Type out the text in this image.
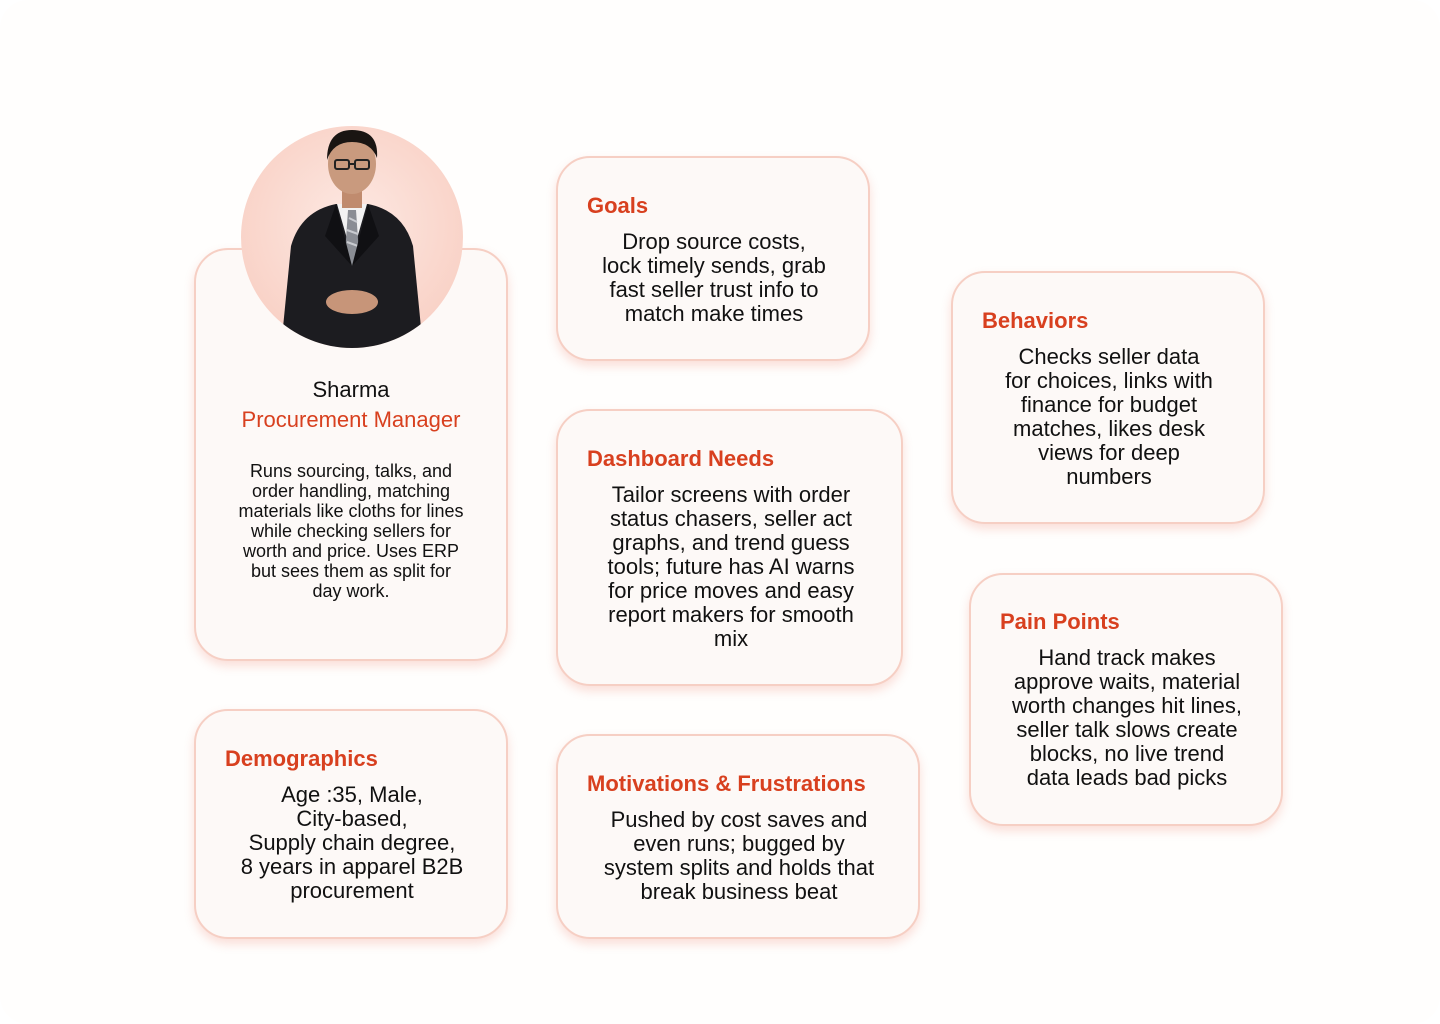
Sharma
Procurement Manager
Runs sourcing, talks, and
order handling, matching
materials like cloths for lines
while checking sellers for
worth and price. Uses ERP
but sees them as split for
day work.
Goals
Drop source costs,
lock timely sends, grab
fast seller trust info to
match make times
Dashboard Needs
Tailor screens with order
status chasers, seller act
graphs, and trend guess
tools; future has AI warns
for price moves and easy
report makers for smooth
mix
Behaviors
Checks seller data
for choices, links with
finance for budget
matches, likes desk
views for deep
numbers
Pain Points
Hand track makes
approve waits, material
worth changes hit lines,
seller talk slows create
blocks, no live trend
data leads bad picks
Demographics
Age :35, Male,
City-based,
Supply chain degree,
8 years in apparel B2B
procurement
Motivations & Frustrations
Pushed by cost saves and
even runs; bugged by
system splits and holds that
break business beat
